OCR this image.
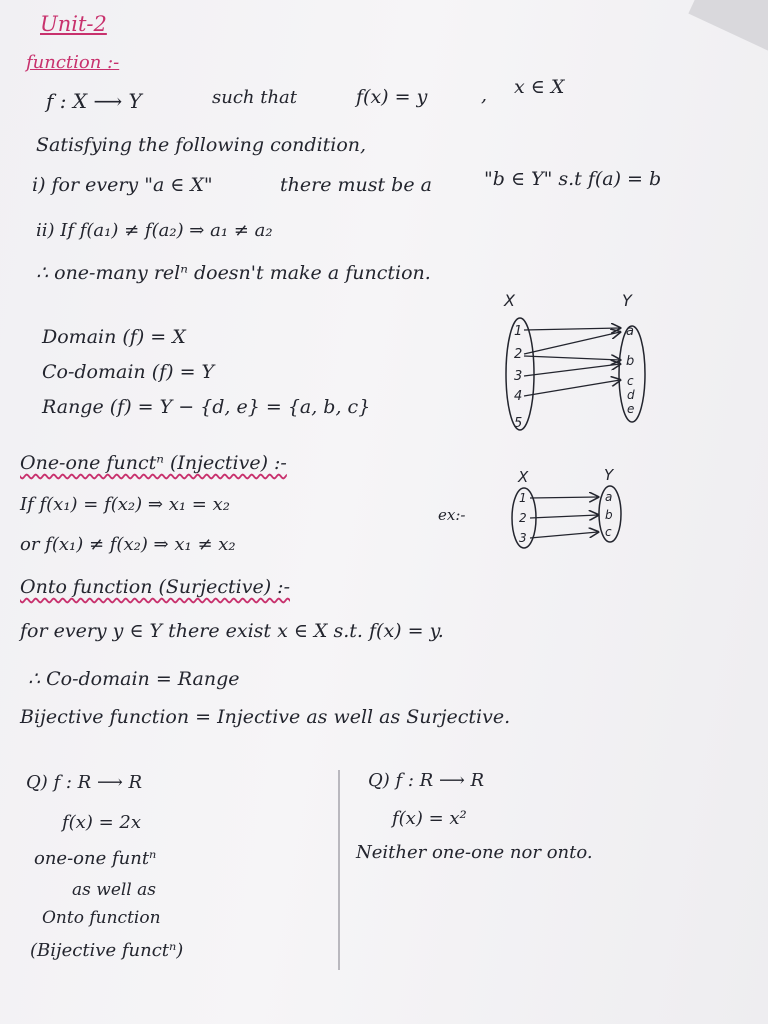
Unit-2
function :-
f : X ⟶ Y	such that	f(x) = y	, x ∈ X
Satisfying the following condition,
i) for every "a ∈ X"	there must be a	"b ∈ Y" s.t f(a) = b
ii) If f(a₁) ≠ f(a₂) ⇒ a₁ ≠ a₂
∴ one-many relⁿ doesn't make a function.
Domain (f) = X
Co-domain (f) = Y
Range (f) = Y − {d, e} = {a, b, c}
X	Y
1
2
3
4
5
a
b
c
d
e
One-one functⁿ (Injective) :-
If f(x₁) = f(x₂) ⇒ x₁ = x₂
or f(x₁) ≠ f(x₂) ⇒ x₁ ≠ x₂
ex:-
X	Y
1
2
3
a
b
c
Onto function (Surjective) :-
for every y ∈ Y there exist x ∈ X s.t. f(x) = y.
∴ Co-domain = Range
Bijective function = Injective as well as Surjective.
Q) f : R ⟶ R
f(x) = 2x
one-one funtⁿ
as well as
Onto function
(Bijective functⁿ)
Q) f : R ⟶ R
f(x) = x²
Neither one-one nor onto.
